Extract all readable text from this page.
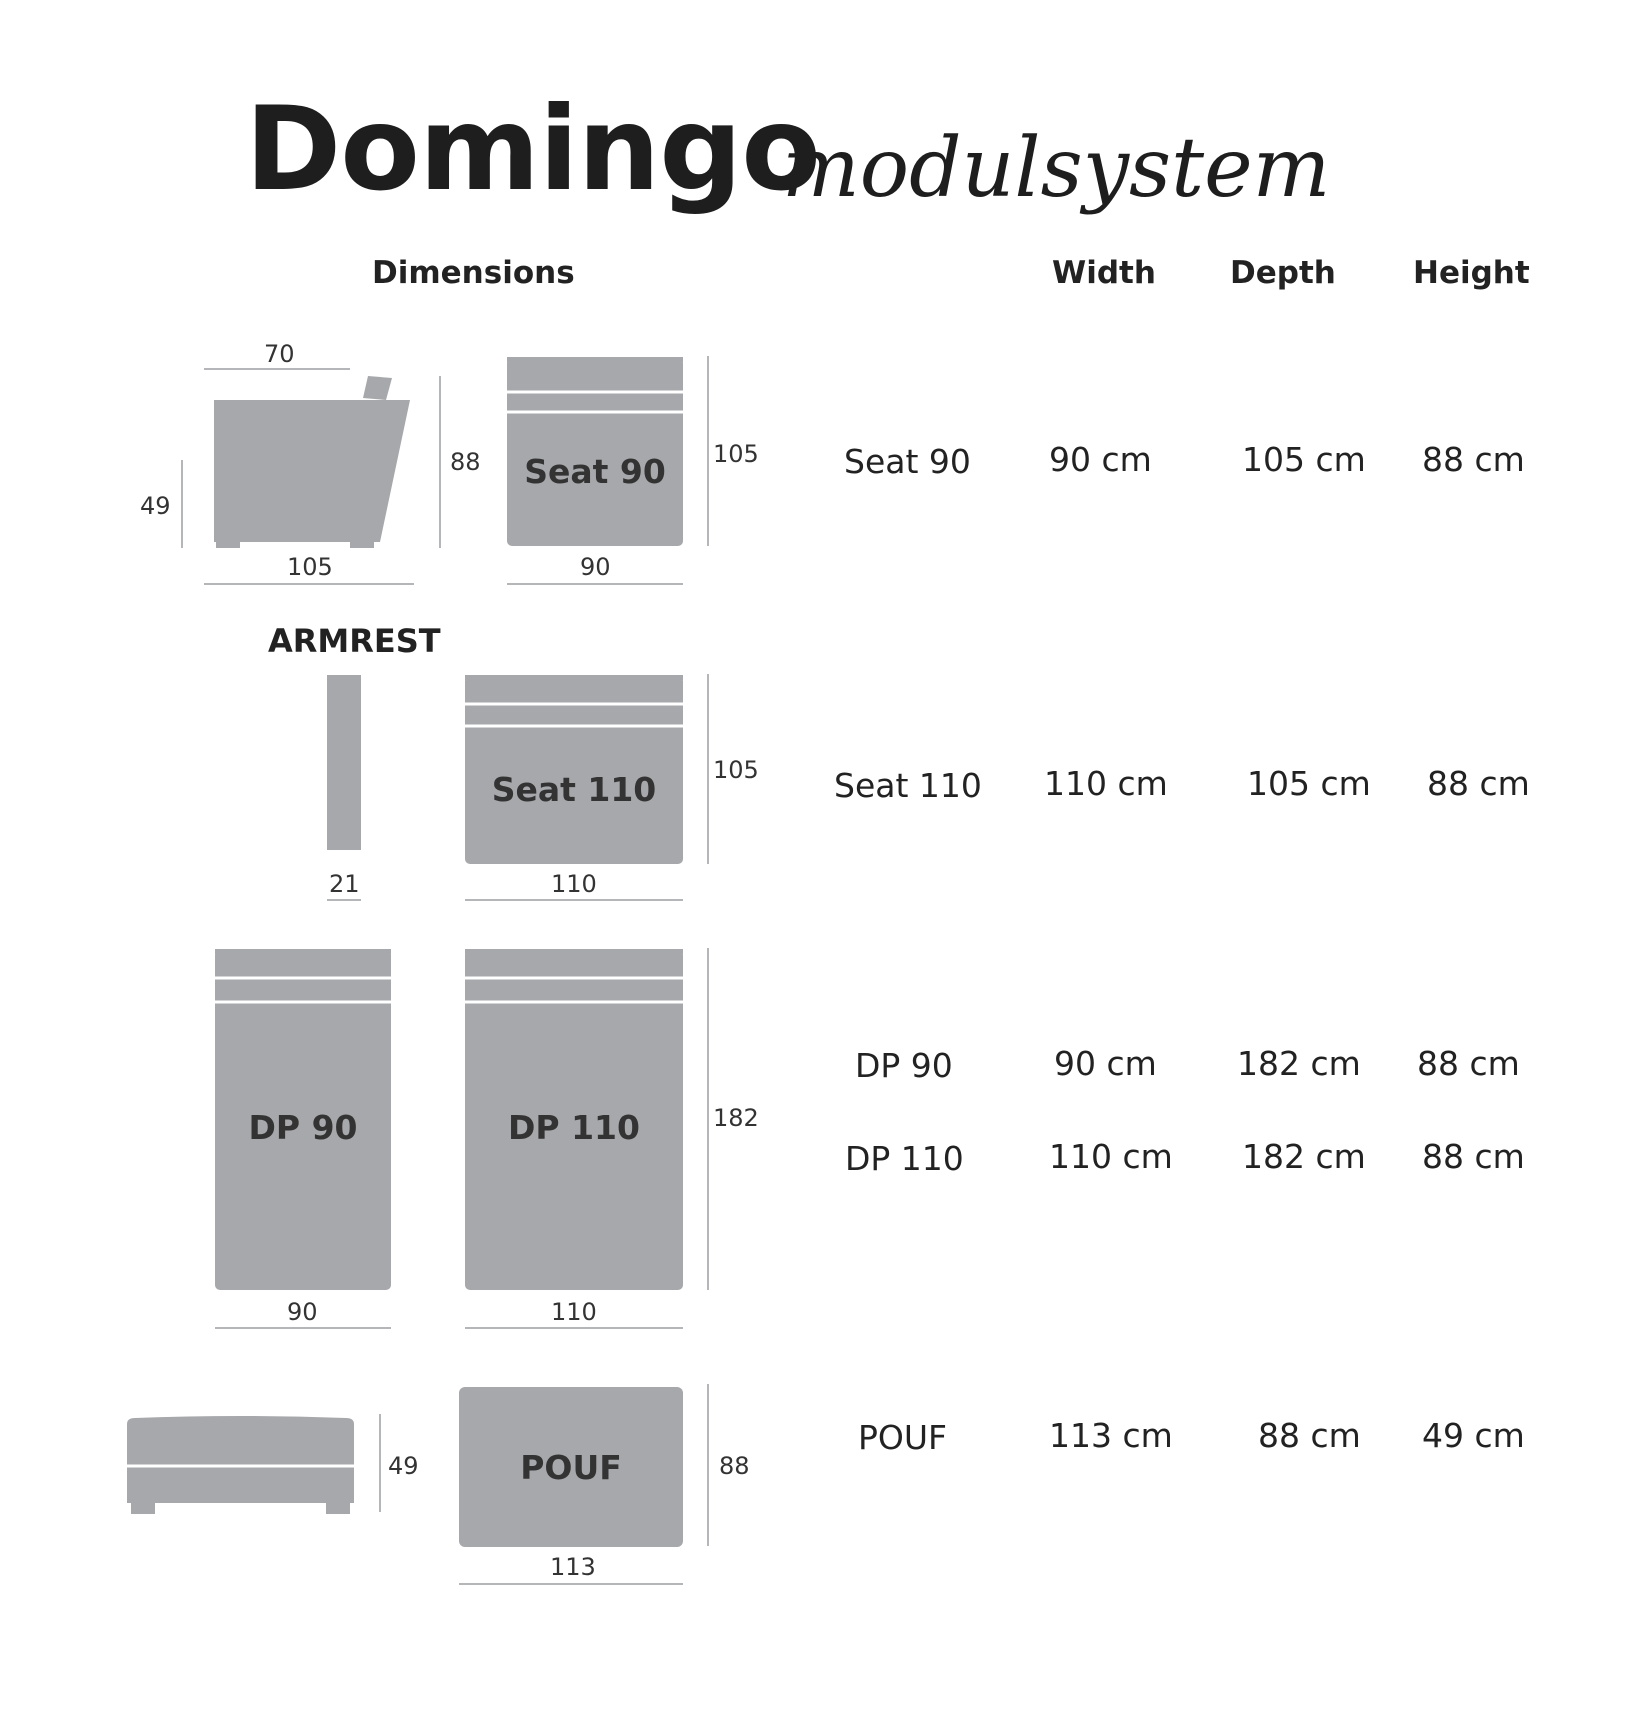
Domingo
modulsystem
Dimensions	Width Depth Height
Seat 90
Seat 110
DP 90	DP 110
POUF
ARMREST
70
49
88
105	90
105
21	110
105
90	110
182
49	88
113
Seat 90 90 cm	105 cm 88 cm
Seat 110 110 cm 105 cm 88 cm
DP 90	90 cm 182 cm 88 cm
DP 110	110 cm 182 cm 88 cm
POUF	113 cm	88 cm 49 cm
